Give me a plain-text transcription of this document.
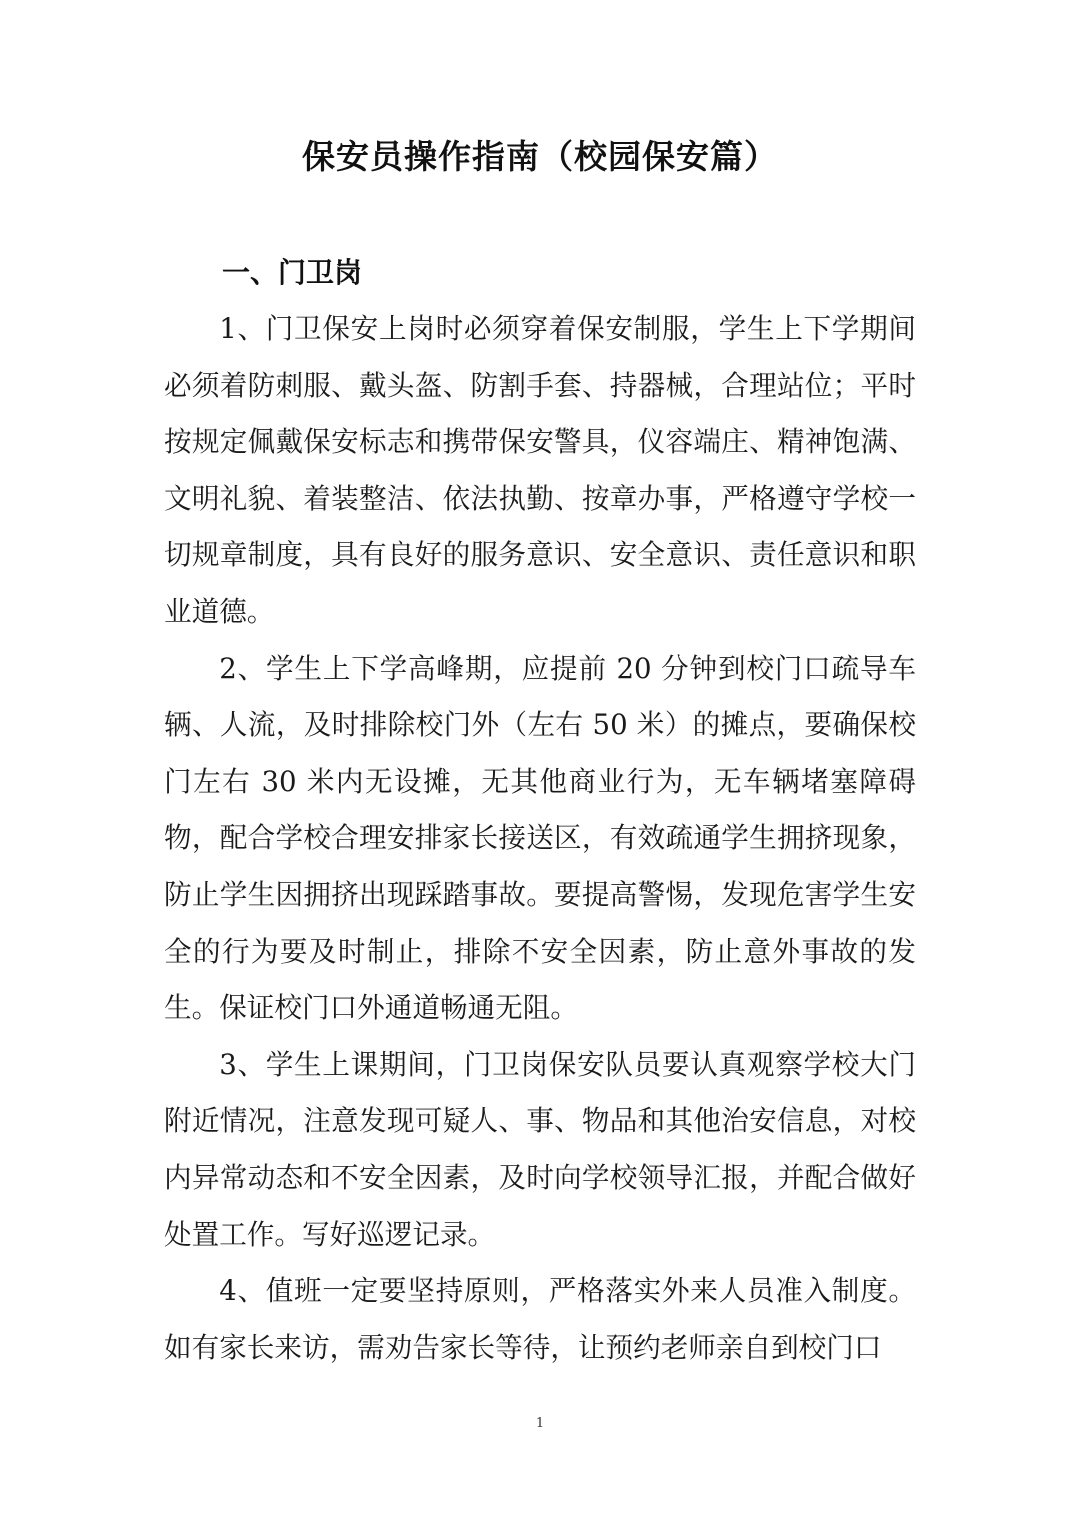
保安员操作指南（校园保安篇）
一、门卫岗

1、门卫保安上岗时必须穿着保安制服，学生上下学期间必须着防刺服、戴头盔、防割手套、持器械，合理站位；平时按规定佩戴保安标志和携带保安警具，仪容端庄、精神饱满、文明礼貌、着装整洁、依法执勤、按章办事，严格遵守学校一切规章制度，具有良好的服务意识、安全意识、责任意识和职业道德。

2、学生上下学高峰期，应提前 20 分钟到校门口疏导车辆、人流，及时排除校门外（左右 50 米）的摊点，要确保校门左右 30 米内无设摊，无其他商业行为，无车辆堵塞障碍物，配合学校合理安排家长接送区，有效疏通学生拥挤现象，防止学生因拥挤出现踩踏事故。要提高警惕，发现危害学生安全的行为要及时制止，排除不安全因素，防止意外事故的发生。保证校门口外通道畅通无阻。

3、学生上课期间，门卫岗保安队员要认真观察学校大门附近情况，注意发现可疑人、事、物品和其他治安信息，对校内异常动态和不安全因素，及时向学校领导汇报，并配合做好处置工作。写好巡逻记录。

4、值班一定要坚持原则，严格落实外来人员准入制度。如有家长来访，需劝告家长等待，让预约老师亲自到校门口

1
